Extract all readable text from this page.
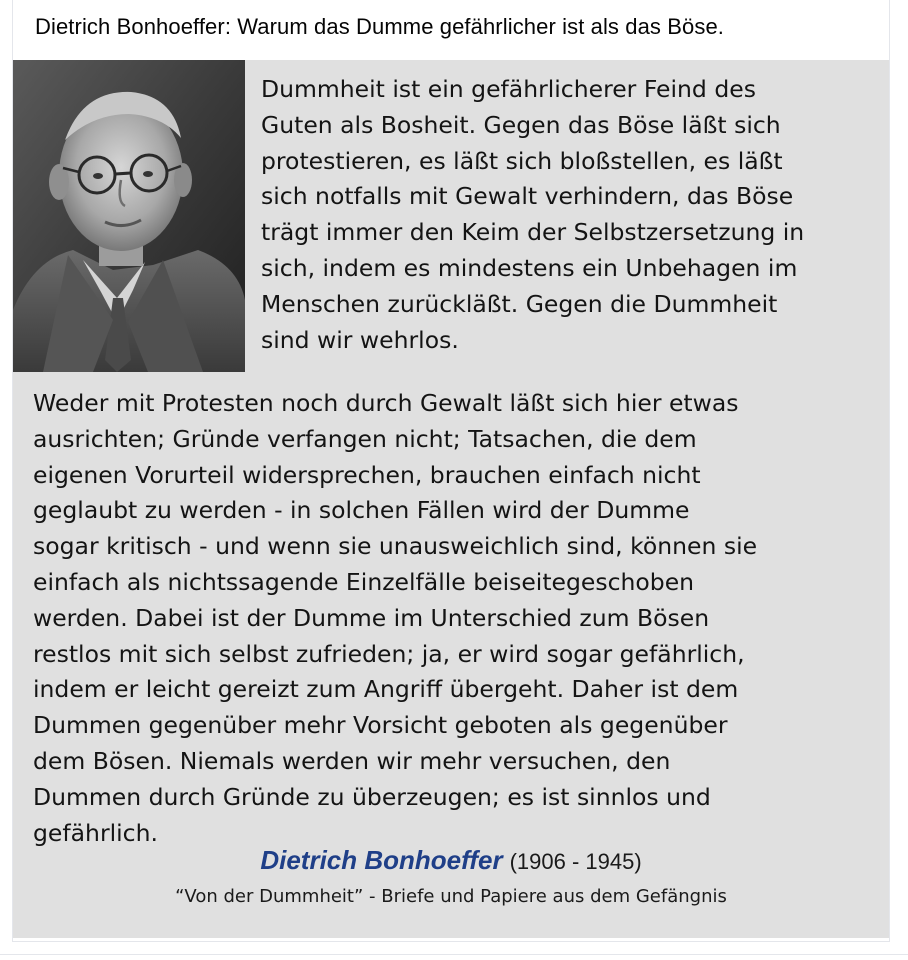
Dietrich Bonhoeffer: Warum das Dumme gefährlicher ist als das Böse.

Dummheit ist ein gefährlicherer Feind des
Guten als Bosheit. Gegen das Böse läßt sich
protestieren, es läßt sich bloßstellen, es läßt
sich notfalls mit Gewalt verhindern, das Böse
trägt immer den Keim der Selbstzersetzung in
sich, indem es mindestens ein Unbehagen im
Menschen zurückläßt. Gegen die Dummheit
sind wir wehrlos.

Weder mit Protesten noch durch Gewalt läßt sich hier etwas
ausrichten; Gründe verfangen nicht; Tatsachen, die dem
eigenen Vorurteil widersprechen, brauchen einfach nicht
geglaubt zu werden - in solchen Fällen wird der Dumme
sogar kritisch - und wenn sie unausweichlich sind, können sie
einfach als nichtssagende Einzelfälle beiseitegeschoben
werden. Dabei ist der Dumme im Unterschied zum Bösen
restlos mit sich selbst zufrieden; ja, er wird sogar gefährlich,
indem er leicht gereizt zum Angriff übergeht. Daher ist dem
Dummen gegenüber mehr Vorsicht geboten als gegenüber
dem Bösen. Niemals werden wir mehr versuchen, den
Dummen durch Gründe zu überzeugen; es ist sinnlos und
gefährlich.

Dietrich Bonhoeffer (1906 - 1945)
“Von der Dummheit” - Briefe und Papiere aus dem Gefängnis
